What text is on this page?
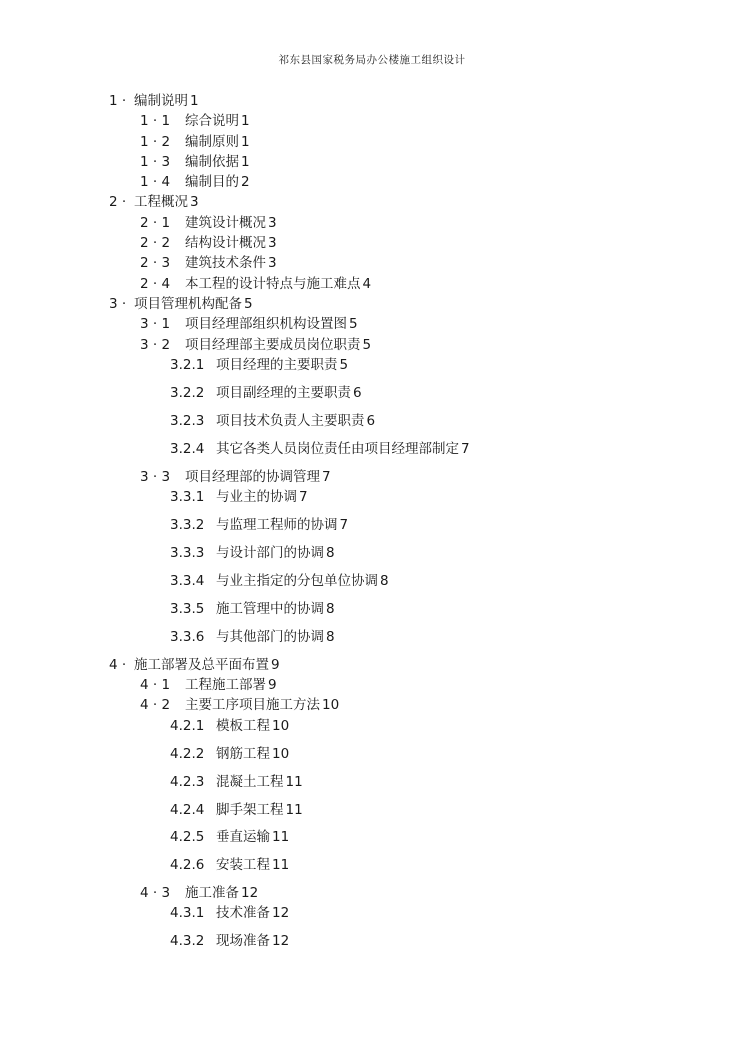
祁东县国家税务局办公楼施工组织设计
1 · 编制说明 1
1 · 1 综合说明 1
1 · 2 编制原则 1
1 · 3 编制依据 1
1 · 4 编制目的 2
2 · 工程概况 3
2 · 1 建筑设计概况 3
2 · 2 结构设计概况 3
2 · 3 建筑技术条件 3
2 · 4 本工程的设计特点与施工难点 4
3 · 项目管理机构配备 5
3 · 1 项目经理部组织机构设置图 5
3 · 2 项目经理部主要成员岗位职责 5
3.2.1 项目经理的主要职责 5
3.2.2 项目副经理的主要职责 6
3.2.3 项目技术负责人主要职责 6
3.2.4 其它各类人员岗位责任由项目经理部制定 7
3 · 3 项目经理部的协调管理 7
3.3.1 与业主的协调 7
3.3.2 与监理工程师的协调 7
3.3.3 与设计部门的协调 8
3.3.4 与业主指定的分包单位协调 8
3.3.5 施工管理中的协调 8
3.3.6 与其他部门的协调 8
4 · 施工部署及总平面布置 9
4 · 1 工程施工部署 9
4 · 2 主要工序项目施工方法 10
4.2.1 模板工程 10
4.2.2 钢筋工程 10
4.2.3 混凝土工程 11
4.2.4 脚手架工程 11
4.2.5 垂直运输 11
4.2.6 安装工程 11
4 · 3 施工准备 12
4.3.1 技术准备 12
4.3.2 现场准备 12
